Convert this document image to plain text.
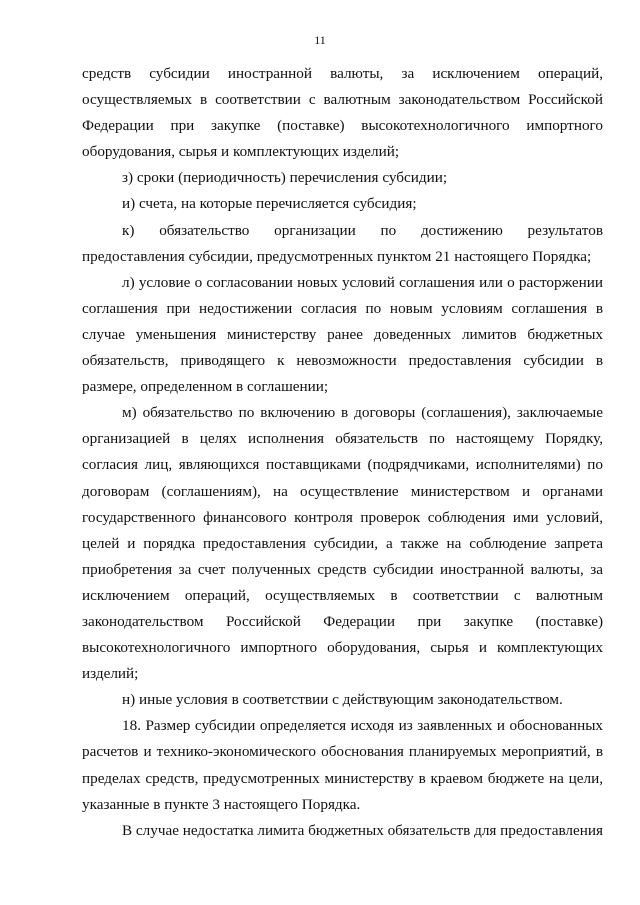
11

средств субсидии иностранной валюты, за исключением операций, осуществляемых в соответствии с валютным законодательством Российской Федерации при закупке (поставке) высокотехнологичного импортного оборудования, сырья и комплектующих изделий;

з) сроки (периодичность) перечисления субсидии;

и) счета, на которые перечисляется субсидия;

к) обязательство организации по достижению результатов предоставления субсидии, предусмотренных пунктом 21 настоящего Порядка;

л) условие о согласовании новых условий соглашения или о расторжении соглашения при недостижении согласия по новым условиям соглашения в случае уменьшения министерству ранее доведенных лимитов бюджетных обязательств, приводящего к невозможности предоставления субсидии в размере, определенном в соглашении;

м) обязательство по включению в договоры (соглашения), заключаемые организацией в целях исполнения обязательств по настоящему Порядку, согласия лиц, являющихся поставщиками (подрядчиками, исполнителями) по договорам (соглашениям), на осуществление министерством и органами государственного финансового контроля проверок соблюдения ими условий, целей и порядка предоставления субсидии, а также на соблюдение запрета приобретения за счет полученных средств субсидии иностранной валюты, за исключением операций, осуществляемых в соответствии с валютным законодательством Российской Федерации при закупке (поставке) высокотехнологичного импортного оборудования, сырья и комплектующих изделий;

н) иные условия в соответствии с действующим законодательством.

18. Размер субсидии определяется исходя из заявленных и обоснованных расчетов и технико-экономического обоснования планируемых мероприятий, в пределах средств, предусмотренных министерству в краевом бюджете на цели, указанные в пункте 3 настоящего Порядка.

В случае недостатка лимита бюджетных обязательств для предоставления
